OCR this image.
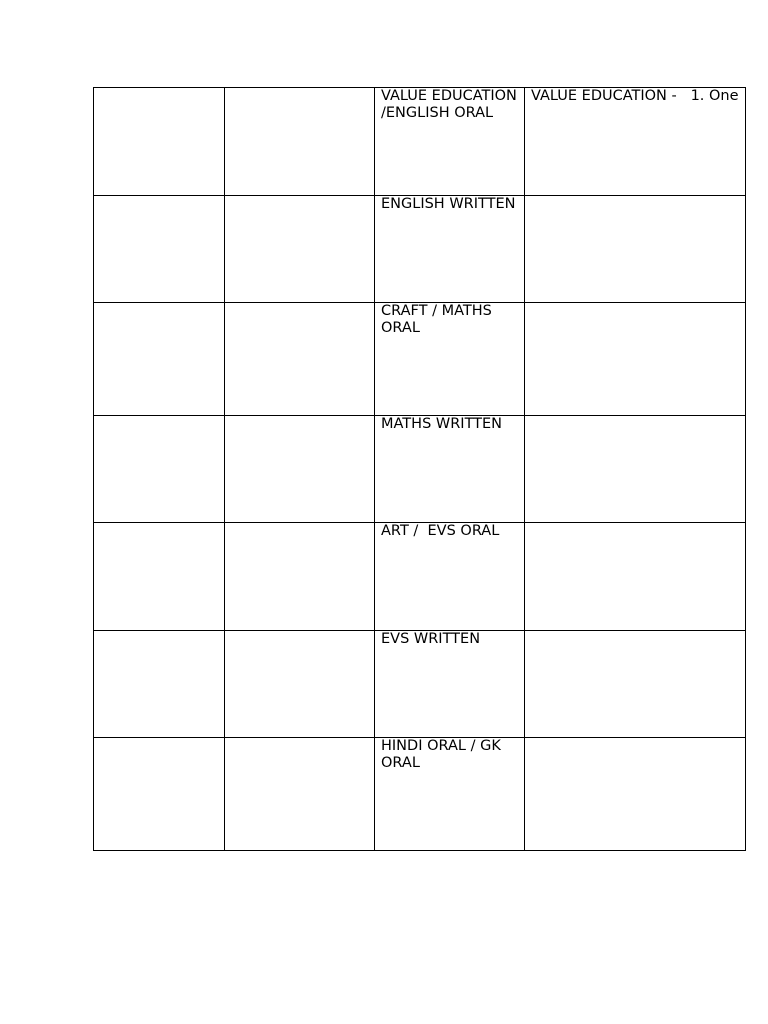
		VALUE EDUCATION /ENGLISH ORAL	VALUE EDUCATION -   1. One

		ENGLISH WRITTEN	

		CRAFT / MATHS ORAL	

		MATHS WRITTEN	

		ART /  EVS ORAL	

		EVS WRITTEN	

		HINDI ORAL / GK ORAL	
